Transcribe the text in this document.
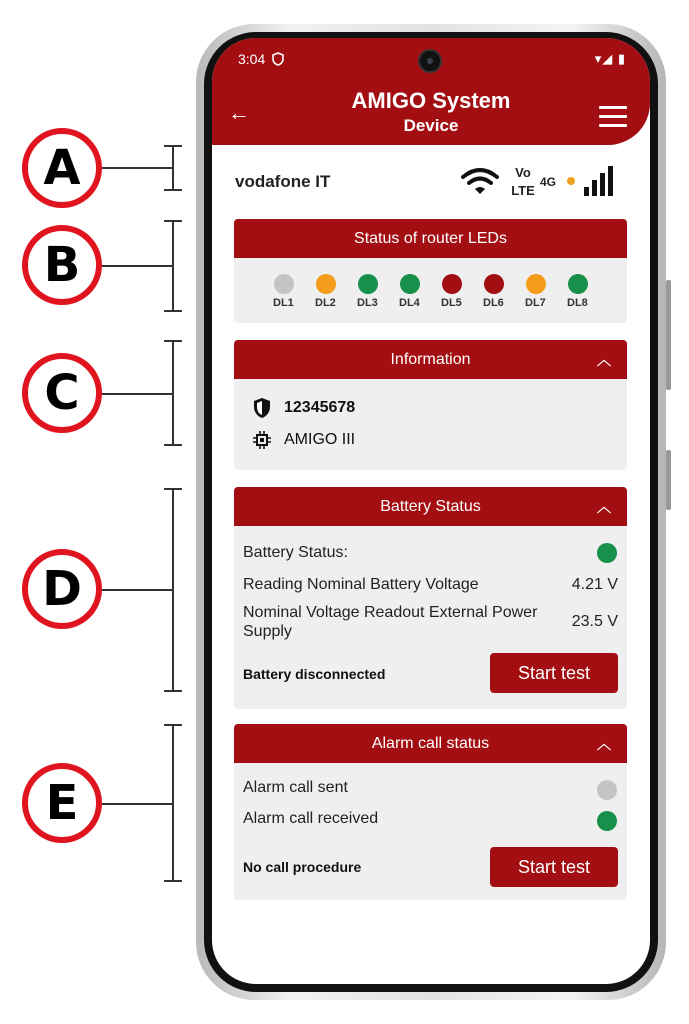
A
B
C
D
E
3:04	▾◢ ▮
←	AMIGO System
Device
vodafone IT	Vo
LTE
4G
Status of router LEDs
DL1	DL2	DL3	DL4	DL5	DL6	DL7	DL8
Information	︿
12345678
AMIGO III
Battery Status	︿
Battery Status:
Reading Nominal Battery Voltage	4.21 V
Nominal Voltage Readout External Power Supply
23.5 V
Battery disconnected	Start test
Alarm call status	︿
Alarm call sent
Alarm call received
No call procedure	Start test
